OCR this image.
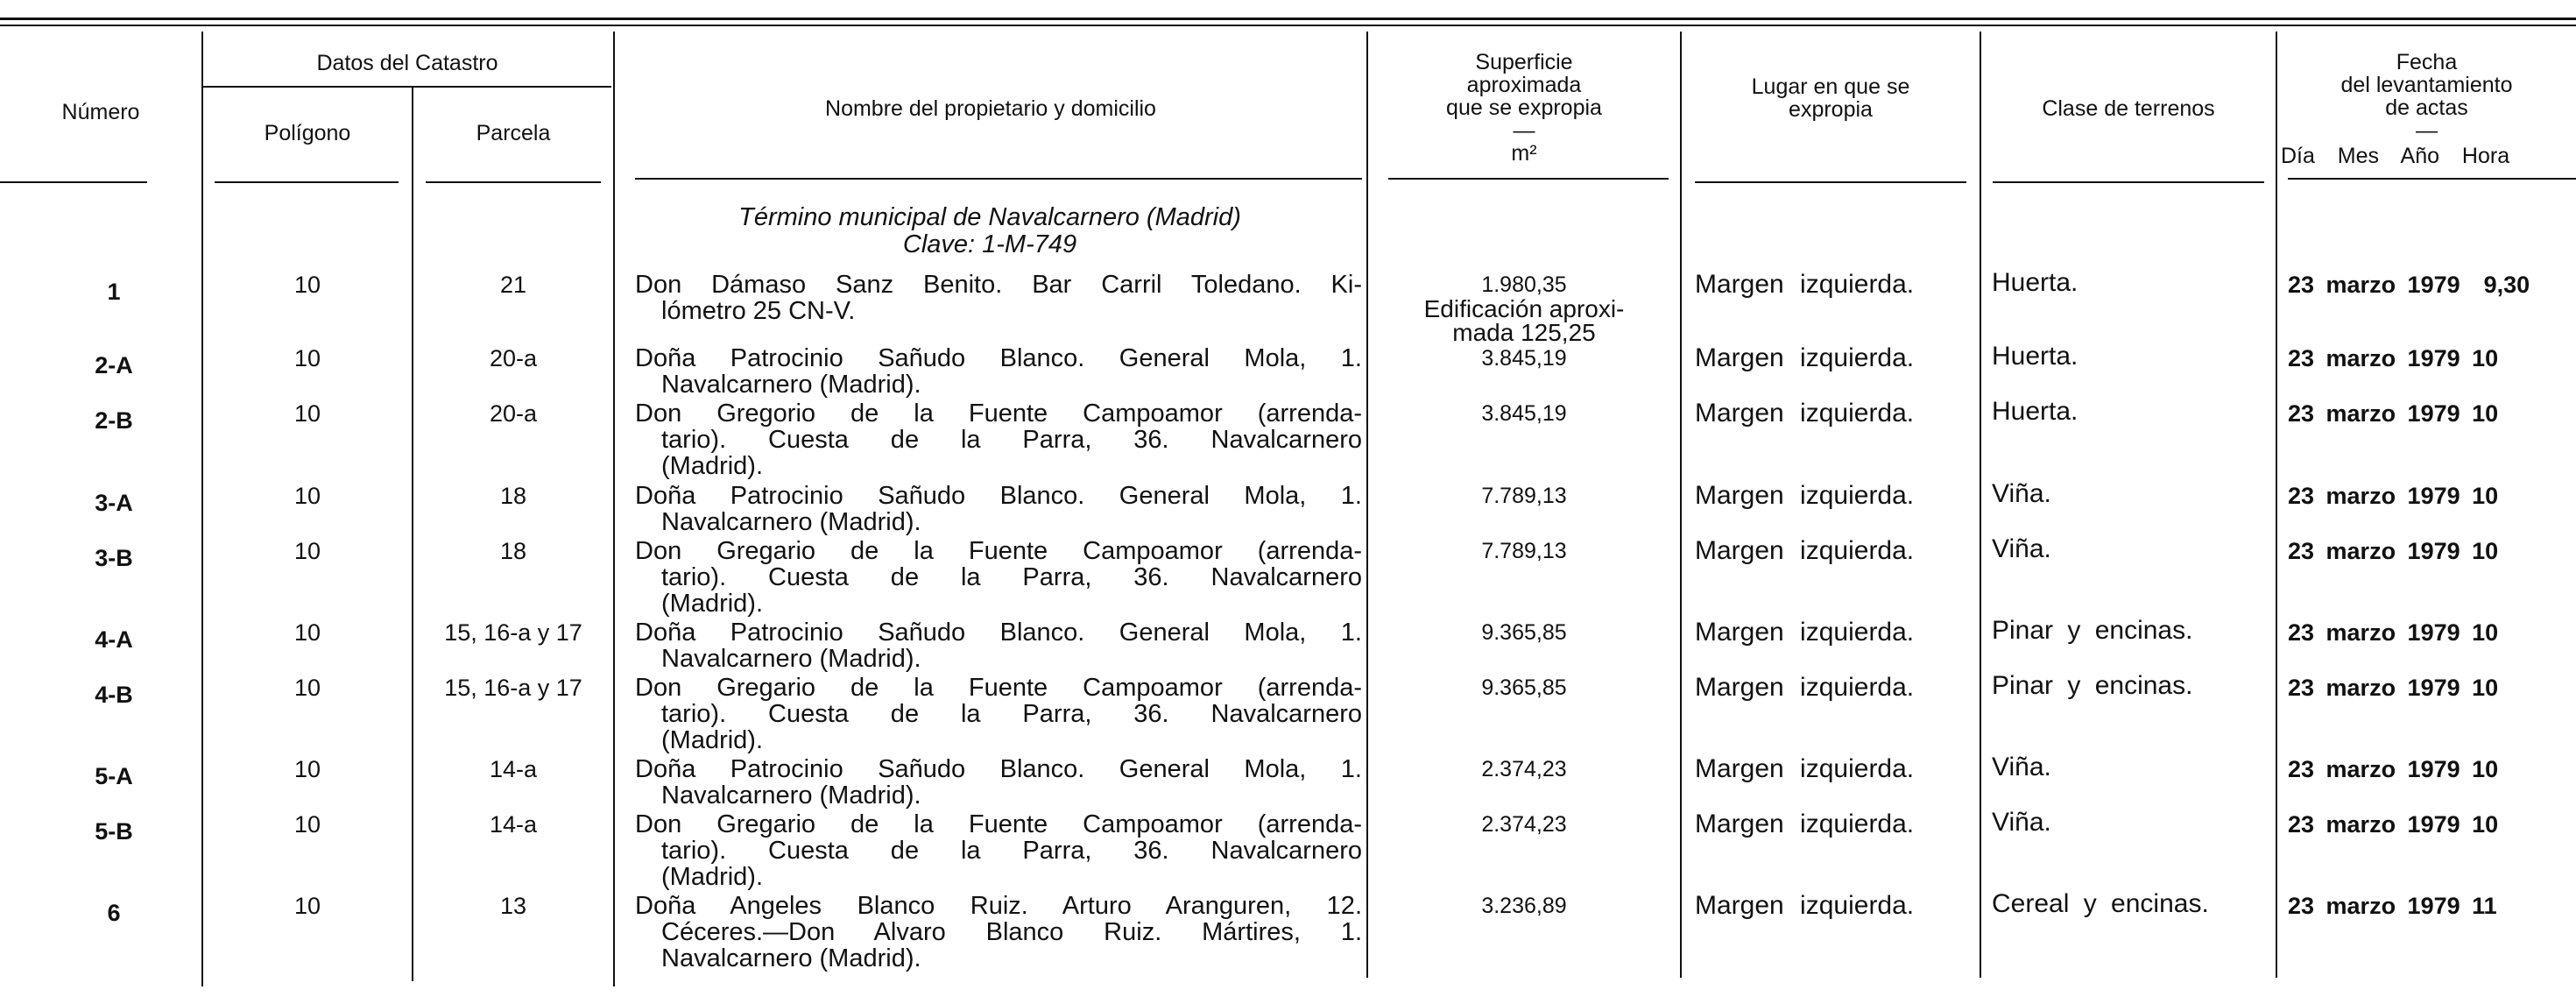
Número
Datos del Catastro
Polígono	Parcela
Nombre del propietario y domicilio
Superficie
aproximada
que se expropia
—
m²
Lugar en que se
expropia	Clase de terrenos
Fecha
del levantamiento
de actas
—
Día  Mes  Año  Hora
Término municipal de Navalcarnero (Madrid)
Clave: 1-M-749
1	10	21	Don Dámaso Sanz Benito. Bar Carril Toledano. Ki-
lómetro 25 CN-V.
1.980,35
Edificación aproxi-
mada 125,25
Margen izquierda.	Huerta.	23 marzo 1979  9,30
2-A	10	20-a	Doña Patrocinio Sañudo Blanco. General Mola, 1.
Navalcarnero (Madrid).
3.845,19	Margen izquierda.	Huerta.	23 marzo 1979 10
2-B	10	20-a	Don Gregorio de la Fuente Campoamor (arrenda-
tario). Cuesta de la Parra, 36. Navalcarnero
(Madrid).
3.845,19	Margen izquierda.	Huerta.	23 marzo 1979 10
3-A	10	18	Doña Patrocinio Sañudo Blanco. General Mola, 1.
Navalcarnero (Madrid).
7.789,13	Margen izquierda.	Viña.	23 marzo 1979 10
3-B	10	18	Don Gregario de la Fuente Campoamor (arrenda-
tario). Cuesta de la Parra, 36. Navalcarnero
(Madrid).
7.789,13	Margen izquierda.	Viña.	23 marzo 1979 10
4-A	10	15, 16-a y 17	Doña Patrocinio Sañudo Blanco. General Mola, 1.
Navalcarnero (Madrid).
9.365,85	Margen izquierda.	Pinar y encinas.	23 marzo 1979 10
4-B	10	15, 16-a y 17	Don Gregario de la Fuente Campoamor (arrenda-
tario). Cuesta de la Parra, 36. Navalcarnero
(Madrid).
9.365,85	Margen izquierda.	Pinar y encinas.	23 marzo 1979 10
5-A	10	14-a	Doña Patrocinio Sañudo Blanco. General Mola, 1.
Navalcarnero (Madrid).
2.374,23	Margen izquierda.	Viña.	23 marzo 1979 10
5-B	10	14-a	Don Gregario de la Fuente Campoamor (arrenda-
tario). Cuesta de la Parra, 36. Navalcarnero
(Madrid).
2.374,23	Margen izquierda.	Viña.	23 marzo 1979 10
6	10	13	Doña Angeles Blanco Ruiz. Arturo Aranguren, 12.
Céceres.—Don Alvaro Blanco Ruiz. Mártires, 1.
Navalcarnero (Madrid).
3.236,89	Margen izquierda.	Cereal y encinas.	23 marzo 1979 11
